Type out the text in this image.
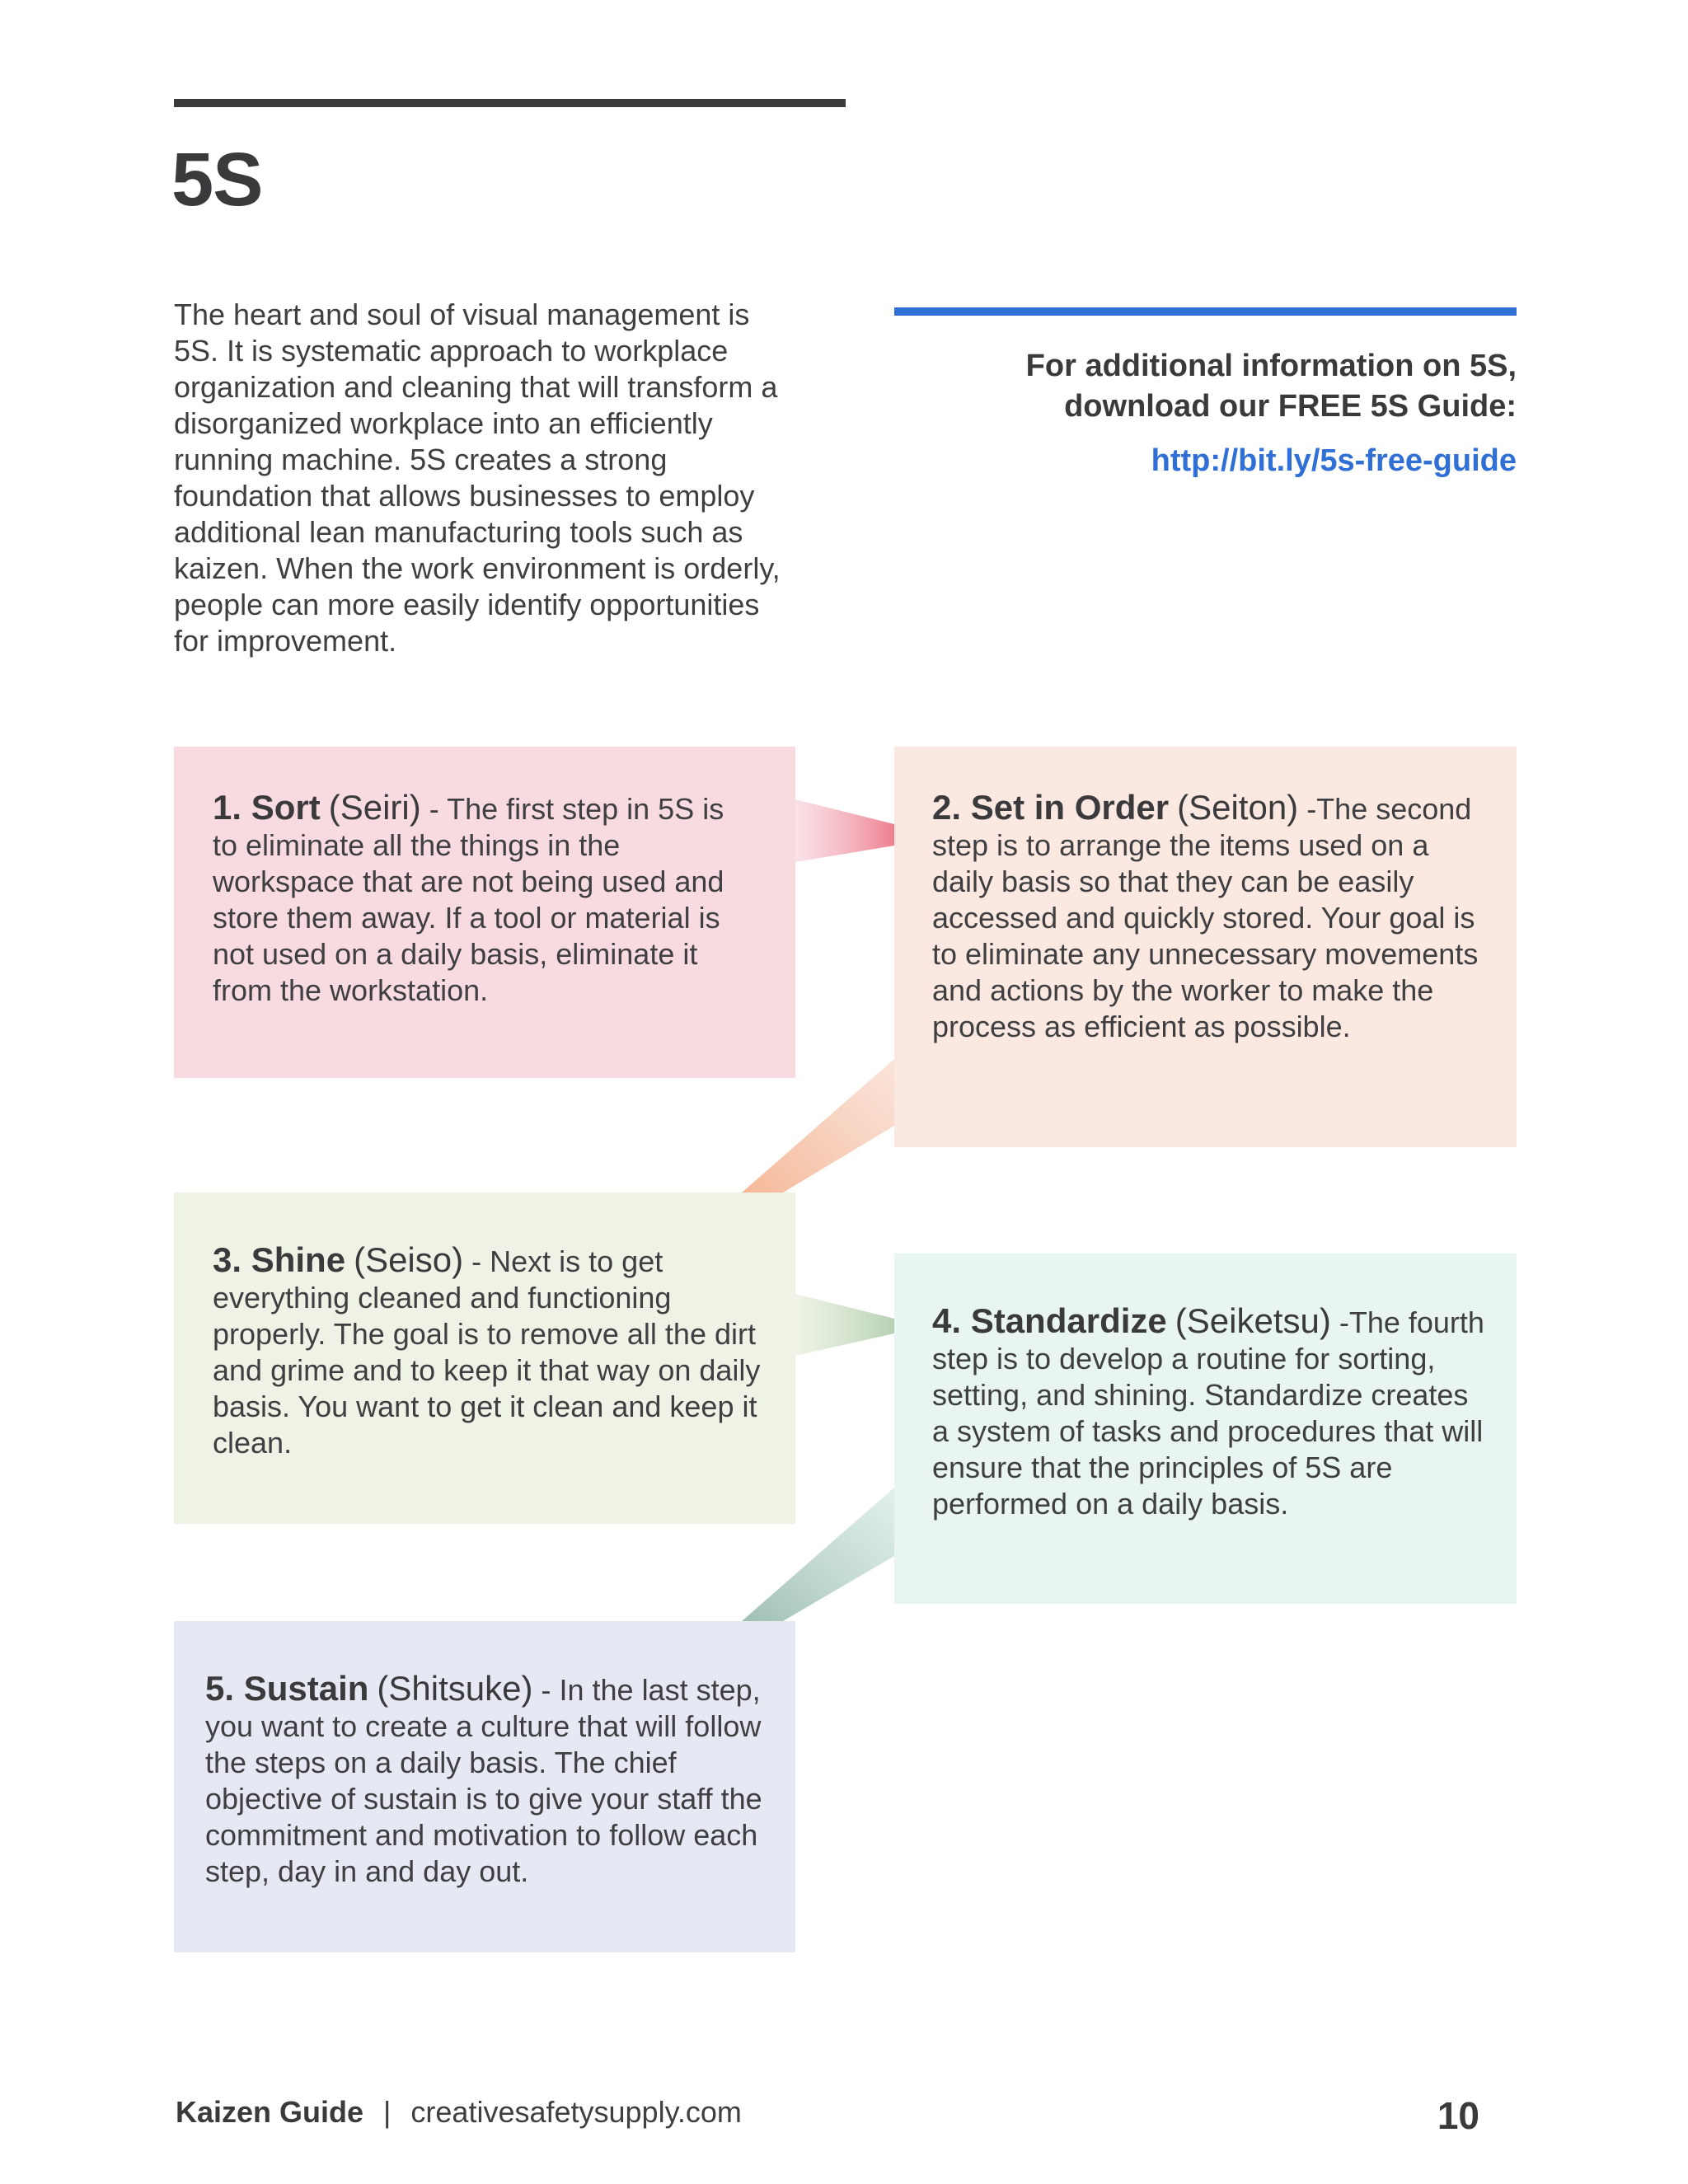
5S

The heart and soul of visual management is 5S. It is systematic approach to workplace organization and cleaning that will transform a disorganized workplace into an efficiently running machine. 5S creates a strong foundation that allows businesses to employ additional lean manufacturing tools such as kaizen. When the work environment is orderly, people can more easily identify opportunities for improvement.

For additional information on 5S,
download our FREE 5S Guide:

http://bit.ly/5s-free-guide

1. Sort (Seiri) - The first step in 5S is to eliminate all the things in the workspace that are not being used and store them away. If a tool or material is not used on a daily basis, eliminate it from the workstation.

2. Set in Order (Seiton) -The second step is to arrange the items used on a daily basis so that they can be easily accessed and quickly stored. Your goal is to eliminate any unnecessary movements and actions by the worker to make the process as efficient as possible.

3. Shine (Seiso) - Next is to get everything cleaned and functioning properly. The goal is to remove all the dirt and grime and to keep it that way on daily basis. You want to get it clean and keep it clean.

4. Standardize (Seiketsu) -The fourth step is to develop a routine for sorting, setting, and shining. Standardize creates a system of tasks and procedures that will ensure that the principles of 5S are performed on a daily basis.

5. Sustain (Shitsuke) - In the last step, you want to create a culture that will follow the steps on a daily basis. The chief objective of sustain is to give your staff the commitment and motivation to follow each step, day in and day out.

Kaizen Guide | creativesafetysupply.com	10
